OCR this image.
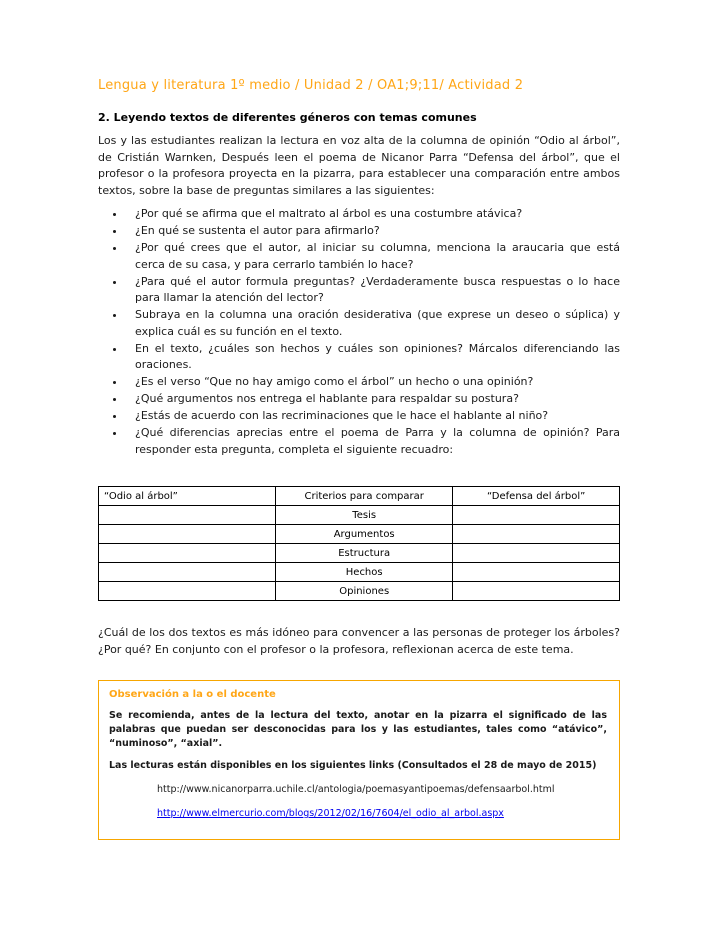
Lengua y literatura 1º medio / Unidad 2 / OA1;9;11/ Actividad 2
2. Leyendo textos de diferentes géneros con temas comunes

Los y las estudiantes realizan la lectura en voz alta de la columna de opinión “Odio al árbol”, de Cristián Warnken, Después leen el poema de Nicanor Parra “Defensa del árbol”, que el profesor o la profesora proyecta en la pizarra, para establecer una comparación entre ambos textos, sobre la base de preguntas similares a las siguientes:

• ¿Por qué se afirma que el maltrato al árbol es una costumbre atávica?
• ¿En qué se sustenta el autor para afirmarlo?
• ¿Por qué crees que el autor, al iniciar su columna, menciona la araucaria que está cerca de su casa, y para cerrarlo también lo hace?
• ¿Para qué el autor formula preguntas? ¿Verdaderamente busca respuestas o lo hace para llamar la atención del lector?
• Subraya en la columna una oración desiderativa (que exprese un deseo o súplica) y explica cuál es su función en el texto.
• En el texto, ¿cuáles son hechos y cuáles son opiniones? Márcalos diferenciando las oraciones.
• ¿Es el verso “Que no hay amigo como el árbol” un hecho o una opinión?
• ¿Qué argumentos nos entrega el hablante para respaldar su postura?
• ¿Estás de acuerdo con las recriminaciones que le hace el hablante al niño?
• ¿Qué diferencias aprecias entre el poema de Parra y la columna de opinión? Para responder esta pregunta, completa el siguiente recuadro:
“Odio al árbol”	Criterios para comparar	“Defensa del árbol”
	Tesis	
	Argumentos	
	Estructura	
	Hechos	
	Opiniones	

¿Cuál de los dos textos es más idóneo para convencer a las personas de proteger los árboles? ¿Por qué? En conjunto con el profesor o la profesora, reflexionan acerca de este tema.

Observación a la o el docente

Se recomienda, antes de la lectura del texto, anotar en la pizarra el significado de las palabras que puedan ser desconocidas para los y las estudiantes, tales como “atávico”, “numinoso”, “axial”.

Las lecturas están disponibles en los siguientes links (Consultados el 28 de mayo de 2015)

http://www.nicanorparra.uchile.cl/antologia/poemasyantipoemas/defensaarbol.html
http://www.elmercurio.com/blogs/2012/02/16/7604/el_odio_al_arbol.aspx
